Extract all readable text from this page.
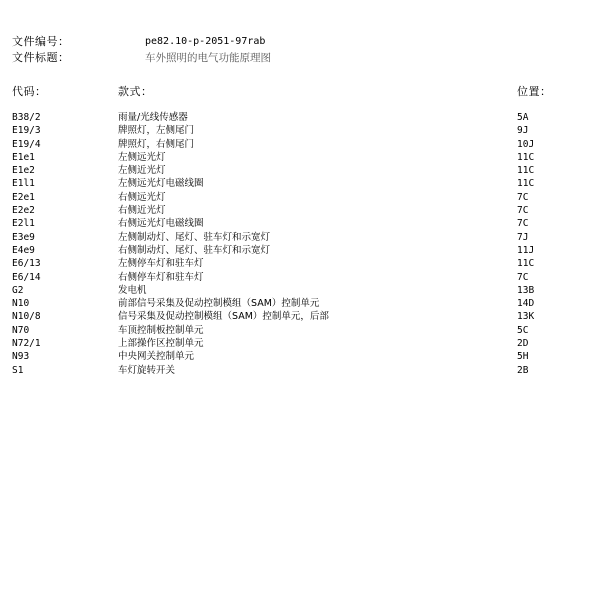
文件编号：	pe82.10-p-2051-97rab
文件标题：	车外照明的电气功能原理图
代码：	款式：	位置：
B38/2	雨量/光线传感器	5A
E19/3	牌照灯，左侧尾门	9J
E19/4	牌照灯，右侧尾门	10J
E1e1	左侧远光灯	11C
E1e2	左侧近光灯	11C
E1l1	左侧远光灯电磁线圈	11C
E2e1	右侧远光灯	7C
E2e2	右侧近光灯	7C
E2l1	右侧远光灯电磁线圈	7C
E3e9	左侧制动灯、尾灯、驻车灯和示宽灯	7J
E4e9	右侧制动灯、尾灯、驻车灯和示宽灯	11J
E6/13	左侧停车灯和驻车灯	11C
E6/14	右侧停车灯和驻车灯	7C
G2	发电机	13B
N10	前部信号采集及促动控制模组（SAM）控制单元	14D
N10/8	信号采集及促动控制模组（SAM）控制单元，后部	13K
N70	车顶控制板控制单元	5C
N72/1	上部操作区控制单元	2D
N93	中央网关控制单元	5H
S1	车灯旋转开关	2B
